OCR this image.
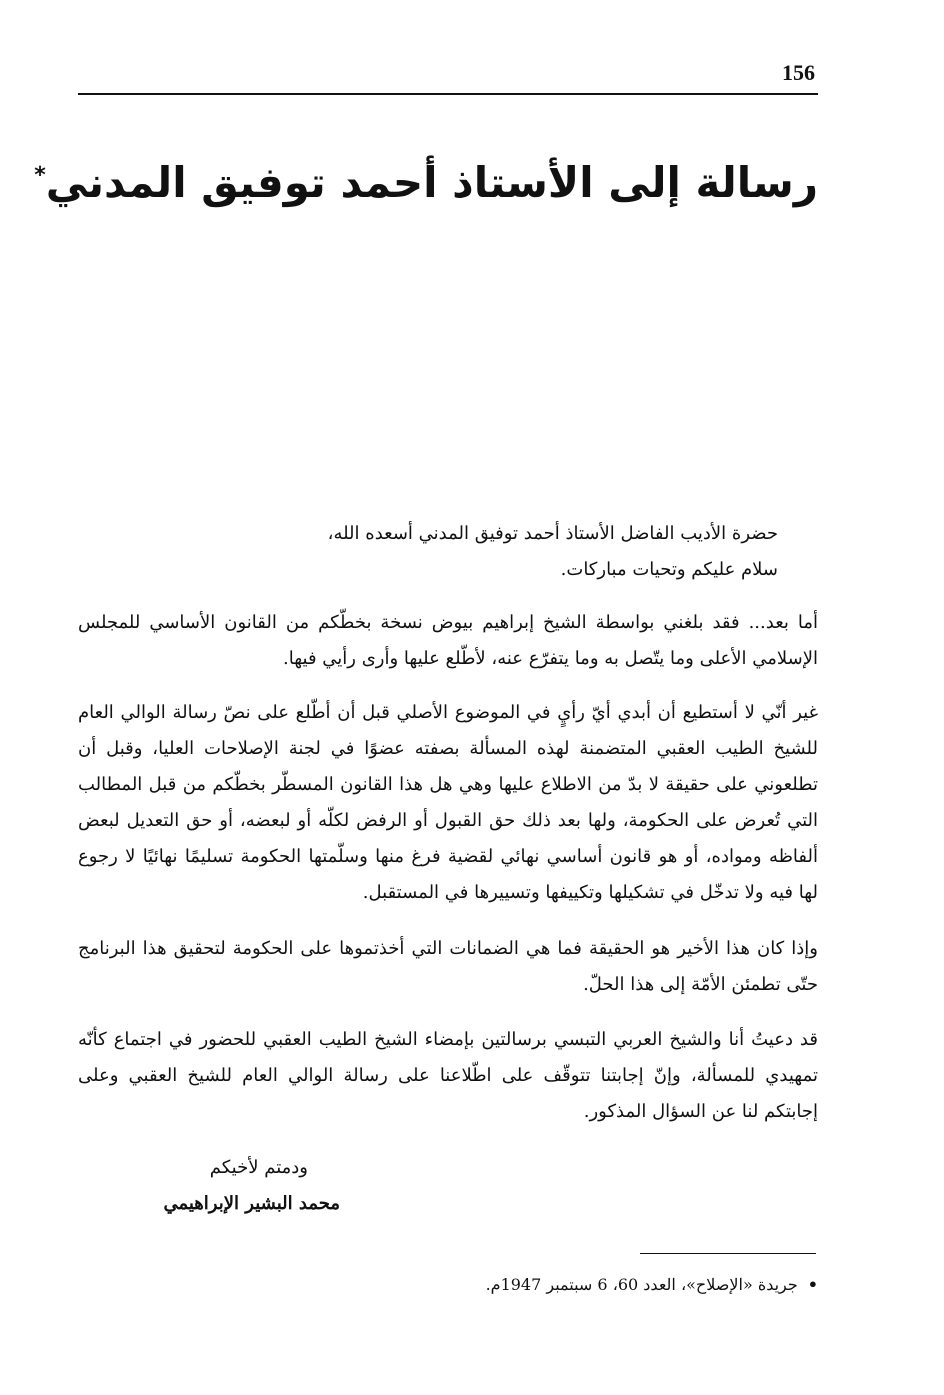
156
رسالة إلى الأستاذ أحمد توفيق المدني*

حضرة الأديب الفاضل الأستاذ أحمد توفيق المدني أسعده الله،

سلام عليكم وتحيات مباركات.

أما بعد... فقد بلغني بواسطة الشيخ إبراهيم بيوض نسخة بخطّكم من القانون الأساسي للمجلس الإسلامي الأعلى وما يتّصل به وما يتفرّع عنه، لأطّلع عليها وأرى رأيي فيها.

غير أنّي لا أستطيع أن أبدي أيّ رأيٍ في الموضوع الأصلي قبل أن أطّلع على نصّ رسالة الوالي العام للشيخ الطيب العقبي المتضمنة لهذه المسألة بصفته عضوًا في لجنة الإصلاحات العليا، وقبل أن تطلعوني على حقيقة لا بدّ من الاطلاع عليها وهي هل هذا القانون المسطّر بخطّكم من قبل المطالب التي تُعرض على الحكومة، ولها بعد ذلك حق القبول أو الرفض لكلّه أو لبعضه، أو حق التعديل لبعض ألفاظه ومواده، أو هو قانون أساسي نهائي لقضية فرغ منها وسلّمتها الحكومة تسليمًا نهائيًا لا رجوع لها فيه ولا تدخّل في تشكيلها وتكييفها وتسييرها في المستقبل.

وإذا كان هذا الأخير هو الحقيقة فما هي الضمانات التي أخذتموها على الحكومة لتحقيق هذا البرنامج حتّى تطمئن الأمّة إلى هذا الحلّ.

قد دعيتُ أنا والشيخ العربي التبسي برسالتين بإمضاء الشيخ الطيب العقبي للحضور في اجتماع كأنّه تمهيدي للمسألة، وإنّ إجابتنا تتوقّف على اطّلاعنا على رسالة الوالي العام للشيخ العقبي وعلى إجابتكم لنا عن السؤال المذكور.

ودمتم لأخيكم
محمد البشير الإبراهيمي
•جريدة «الإصلاح»، العدد 60، 6 سبتمبر 1947م.
